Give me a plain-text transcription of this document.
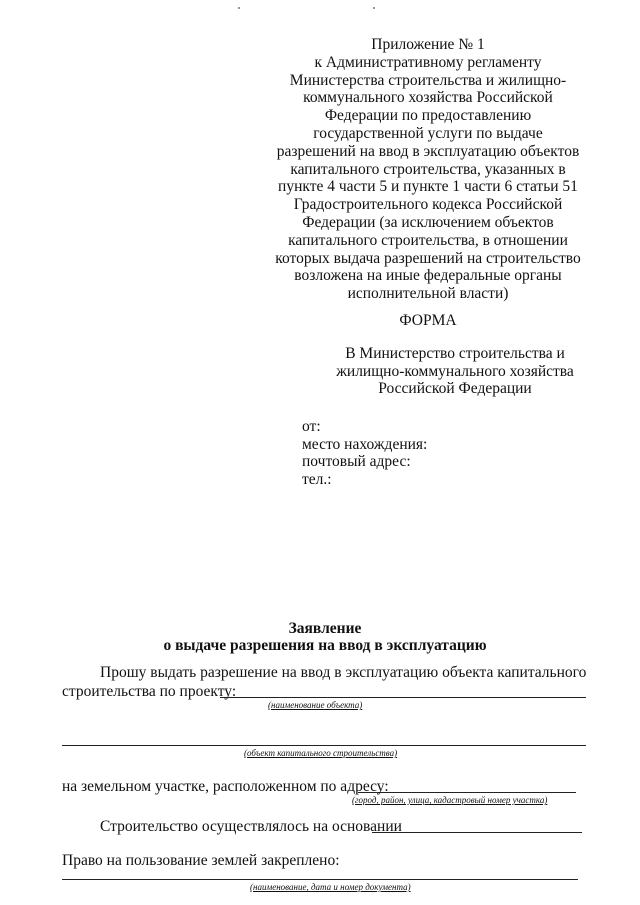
Приложение № 1
к Административному регламенту
Министерства строительства и жилищно-
коммунального хозяйства Российской
Федерации по предоставлению
государственной услуги по выдаче
разрешений на ввод в эксплуатацию объектов
капитального строительства, указанных в
пункте 4 части 5 и пункте 1 части 6 статьи 51
Градостроительного кодекса Российской
Федерации (за исключением объектов
капитального строительства, в отношении
которых выдача разрешений на строительство
возложена на иные федеральные органы
исполнительной власти)
ФОРМА
В Министерство строительства и
жилищно-коммунального хозяйства
Российской Федерации
от:
место нахождения:
почтовый адрес:
тел.:
Заявление
о выдаче разрешения на ввод в эксплуатацию
Прошу выдать разрешение на ввод в эксплуатацию объекта капитального
строительства по проекту:
(наименование объекта)
(объект капитального строительства)
на земельном участке, расположенном по адресу:
(город, район, улица, кадастровый номер участка)
Строительство осуществлялось на основании
Право на пользование землей закреплено:
(наименование, дата и номер документа)
